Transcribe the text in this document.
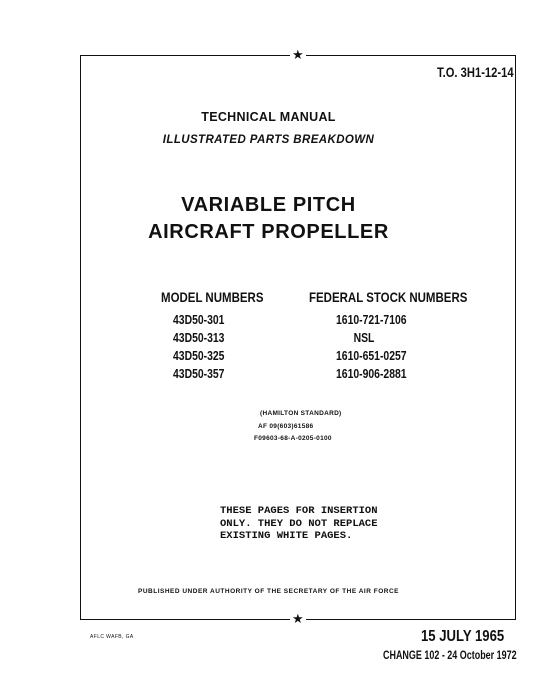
★
★
T.O. 3H1-12-14
TECHNICAL MANUAL
ILLUSTRATED PARTS BREAKDOWN
VARIABLE PITCH
AIRCRAFT PROPELLER
MODEL NUMBERS	FEDERAL STOCK NUMBERS
43D50-301
43D50-313
43D50-325
43D50-357
1610-721-7106
NSL
1610-651-0257
1610-906-2881
(HAMILTON STANDARD)
AF 09(603)61586
F09603-68-A-0205-0100
THESE PAGES FOR INSERTION
ONLY. THEY DO NOT REPLACE
EXISTING WHITE PAGES.
PUBLISHED UNDER AUTHORITY OF THE SECRETARY OF THE AIR FORCE
AFLC WAFB, GA	15 JULY 1965
CHANGE 102 - 24 October 1972
